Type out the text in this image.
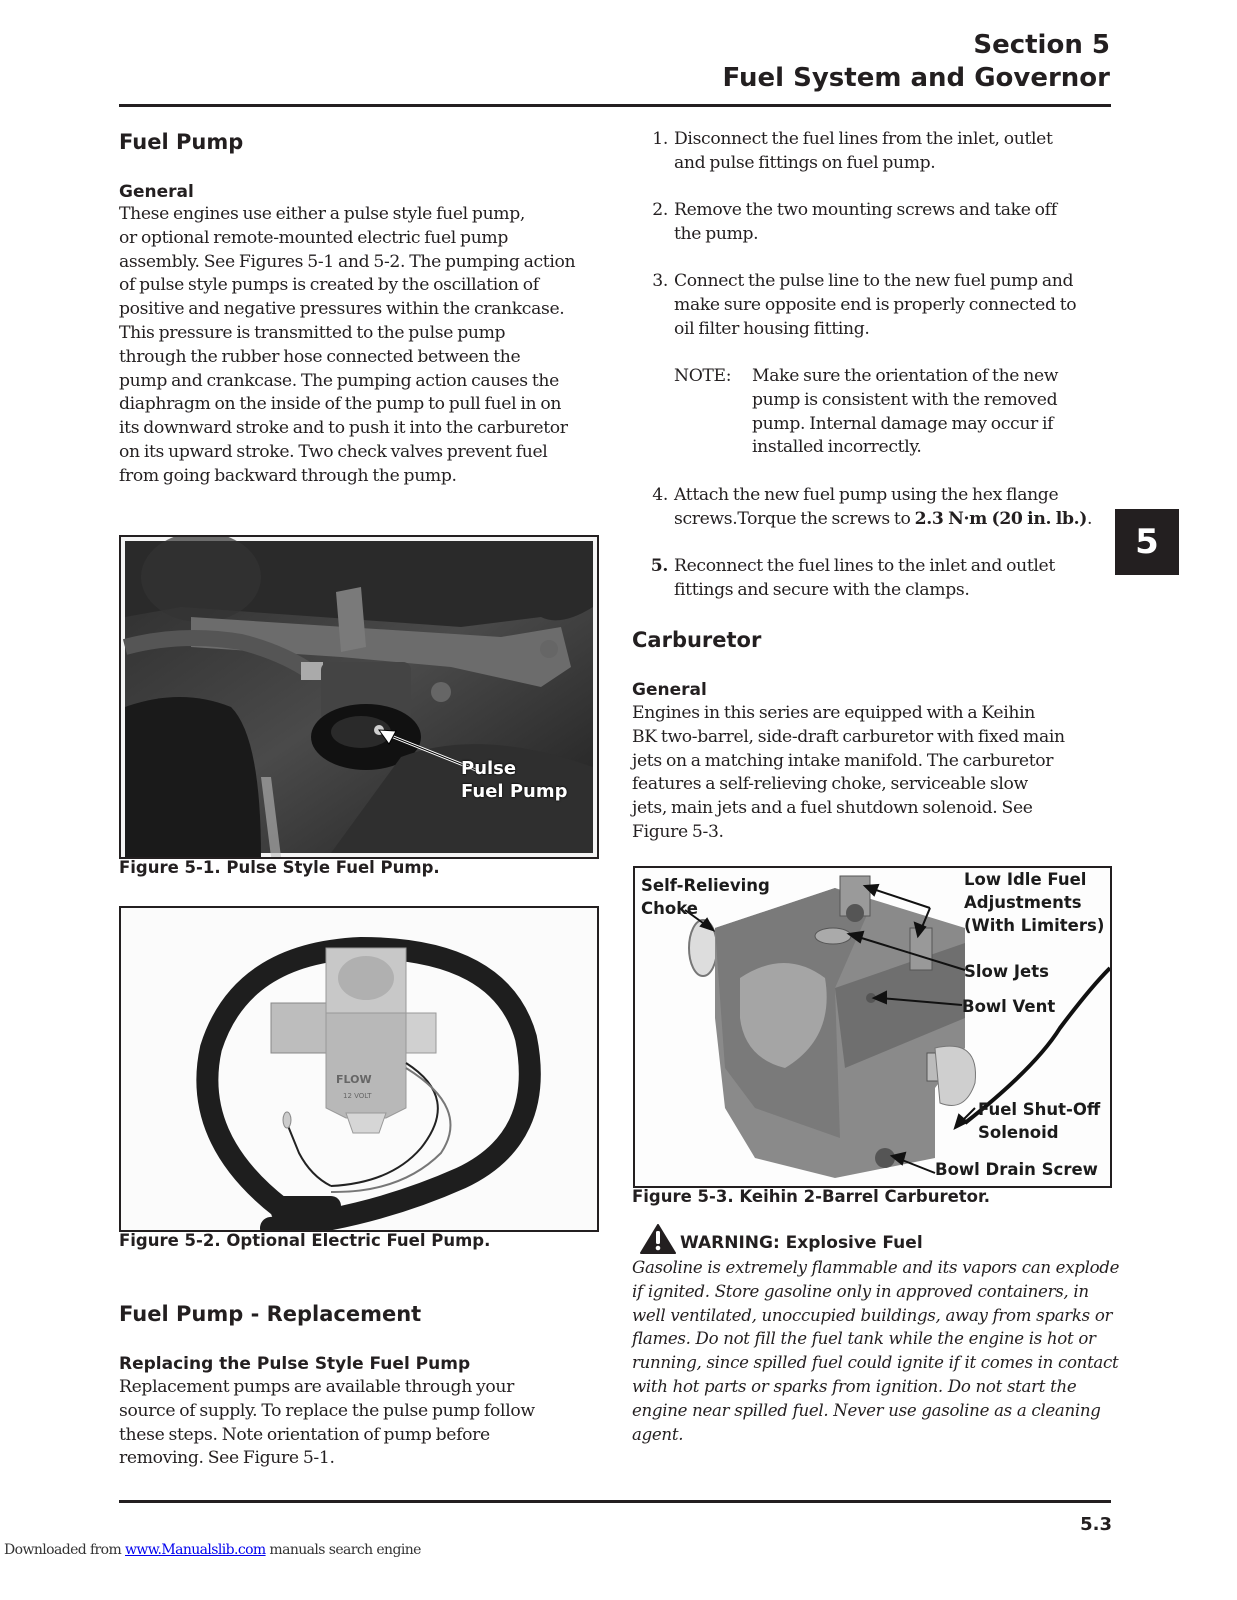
Section 5
Fuel System and Governor
5
Fuel Pump
General
These engines use either a pulse style fuel pump,
or optional remote-mounted electric fuel pump
assembly. See Figures 5-1 and 5-2. The pumping action
of pulse style pumps is created by the oscillation of
positive and negative pressures within the crankcase.
This pressure is transmitted to the pulse pump
through the rubber hose connected between the
pump and crankcase. The pumping action causes the
diaphragm on the inside of the pump to pull fuel in on
its downward stroke and to push it into the carburetor
on its upward stroke. Two check valves prevent fuel
from going backward through the pump.
Pulse
Fuel Pump
Figure 5-1. Pulse Style Fuel Pump.
FLOW
12 VOLT
Figure 5-2. Optional Electric Fuel Pump.
Fuel Pump - Replacement
Replacing the Pulse Style Fuel Pump
Replacement pumps are available through your
source of supply. To replace the pulse pump follow
these steps. Note orientation of pump before
removing. See Figure 5-1.
1. Disconnect the fuel lines from the inlet, outlet
and pulse fittings on fuel pump.
2. Remove the two mounting screws and take off
the pump.
3. Connect the pulse line to the new fuel pump and
make sure opposite end is properly connected to
oil filter housing fitting.
NOTE: Make sure the orientation of the new
pump is consistent with the removed
pump. Internal damage may occur if
installed incorrectly.
4. Attach the new fuel pump using the hex flange
screws.Torque the screws to 2.3 N·m (20 in. lb.).
5. Reconnect the fuel lines to the inlet and outlet
fittings and secure with the clamps.
Carburetor
General
Engines in this series are equipped with a Keihin
BK two-barrel, side-draft carburetor with fixed main
jets on a matching intake manifold. The carburetor
features a self-relieving choke, serviceable slow
jets, main jets and a fuel shutdown solenoid. See
Figure 5-3.
Self-Relieving
Choke
Low Idle Fuel
Adjustments
(With Limiters)
Slow Jets
Bowl Vent
Fuel Shut-Off
Solenoid
Bowl Drain Screw
Figure 5-3. Keihin 2-Barrel Carburetor.
WARNING: Explosive Fuel
Gasoline is extremely flammable and its vapors can explode
if ignited. Store gasoline only in approved containers, in
well ventilated, unoccupied buildings, away from sparks or
flames. Do not fill the fuel tank while the engine is hot or
running, since spilled fuel could ignite if it comes in contact
with hot parts or sparks from ignition. Do not start the
engine near spilled fuel. Never use gasoline as a cleaning
agent.
5.3
Downloaded from www.Manualslib.com manuals search engine
